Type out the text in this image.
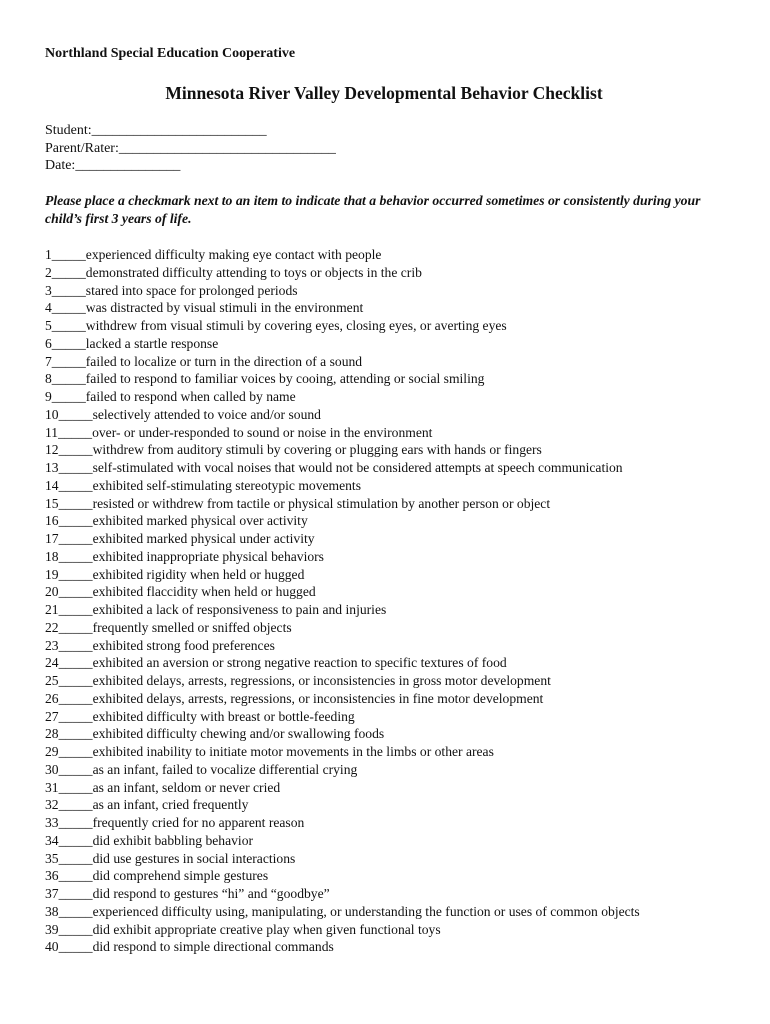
Northland Special Education Cooperative
Minnesota River Valley Developmental Behavior Checklist
Student:_________________________
Parent/Rater:_______________________________
Date:_______________
Please place a checkmark next to an item to indicate that a behavior occurred sometimes or consistently during your child’s first 3 years of life.
1_____experienced difficulty making eye contact with people
2_____demonstrated difficulty attending to toys or objects in the crib
3_____stared into space for prolonged periods
4_____was distracted by visual stimuli in the environment
5_____withdrew from visual stimuli by covering eyes, closing eyes, or averting eyes
6_____lacked a startle response
7_____failed to localize or turn in the direction of a sound
8_____failed to respond to familiar voices by cooing, attending or social smiling
9_____failed to respond when called by name
10_____selectively attended to voice and/or sound
11_____over- or under-responded to sound or noise in the environment
12_____withdrew from auditory stimuli by covering or plugging ears with hands or fingers
13_____self-stimulated with vocal noises that would not be considered attempts at speech communication
14_____exhibited self-stimulating stereotypic movements
15_____resisted or withdrew from tactile or physical stimulation by another person or object
16_____exhibited marked physical over activity
17_____exhibited marked physical under activity
18_____exhibited inappropriate physical behaviors
19_____exhibited rigidity when held or hugged
20_____exhibited flaccidity when held or hugged
21_____exhibited a lack of responsiveness to pain and injuries
22_____frequently smelled or sniffed objects
23_____exhibited strong food preferences
24_____exhibited an aversion or strong negative reaction to specific textures of food
25_____exhibited delays, arrests, regressions, or inconsistencies in gross motor development
26_____exhibited delays, arrests, regressions, or inconsistencies in fine motor development
27_____exhibited difficulty with breast or bottle-feeding
28_____exhibited difficulty chewing and/or swallowing foods
29_____exhibited inability to initiate motor movements in the limbs or other areas
30_____as an infant, failed to vocalize differential crying
31_____as an infant, seldom or never cried
32_____as an infant, cried frequently
33_____frequently cried for no apparent reason
34_____did exhibit babbling behavior
35_____did use gestures in social interactions
36_____did comprehend simple gestures
37_____did respond to gestures “hi” and “goodbye”
38_____experienced difficulty using, manipulating, or understanding the function or uses of common objects
39_____did exhibit appropriate creative play when given functional toys
40_____did respond to simple directional commands
